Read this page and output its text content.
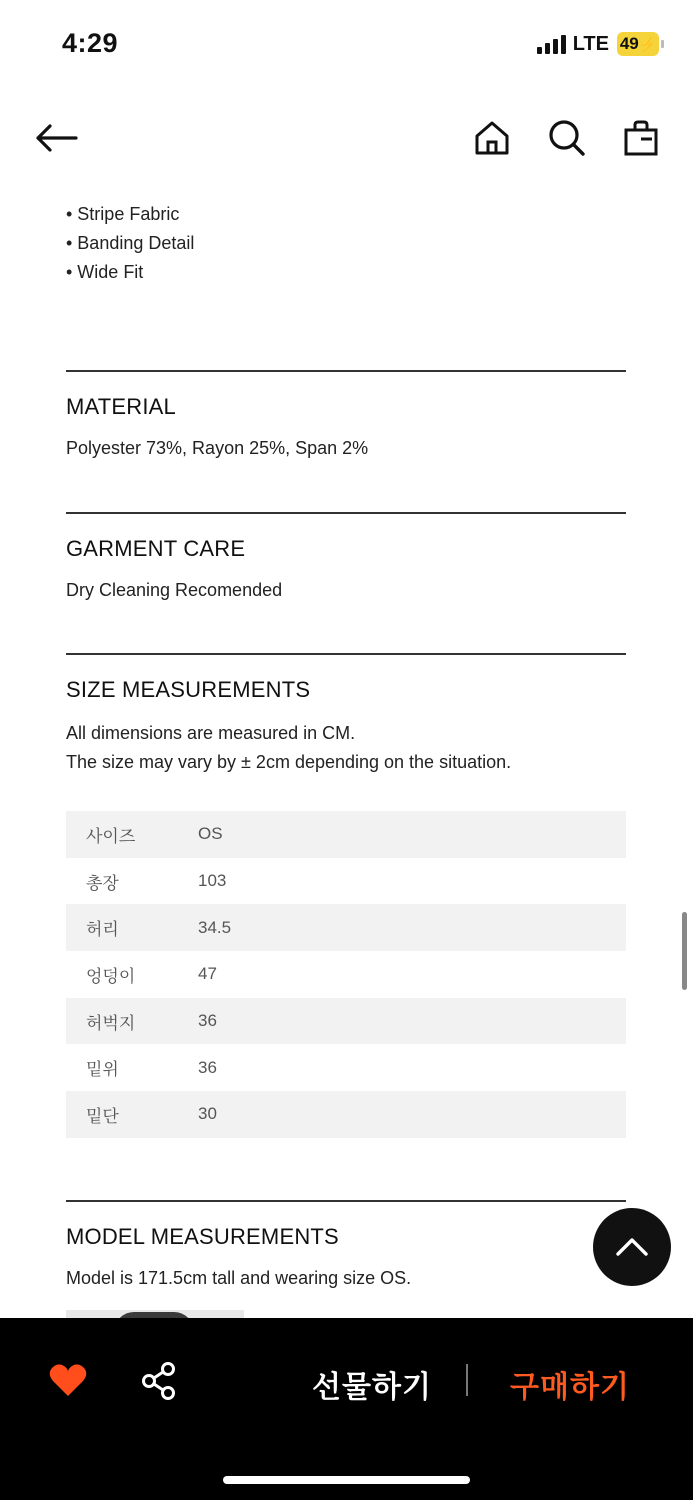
4:29	LTE 49 ⚡
• Stripe Fabric
• Banding Detail
• Wide Fit
MATERIAL

Polyester 73%, Rayon 25%, Span 2%

GARMENT CARE

Dry Cleaning Recomended

SIZE MEASUREMENTS

All dimensions are measured in CM.

The size may vary by ± 2cm depending on the situation.

사이즈	OS
총장	103
허리	34.5
엉덩이	47
허벅지	36
밑위	36
밑단	30
MODEL MEASUREMENTS

Model is 171.5cm tall and wearing size OS.

선물하기	구매하기
